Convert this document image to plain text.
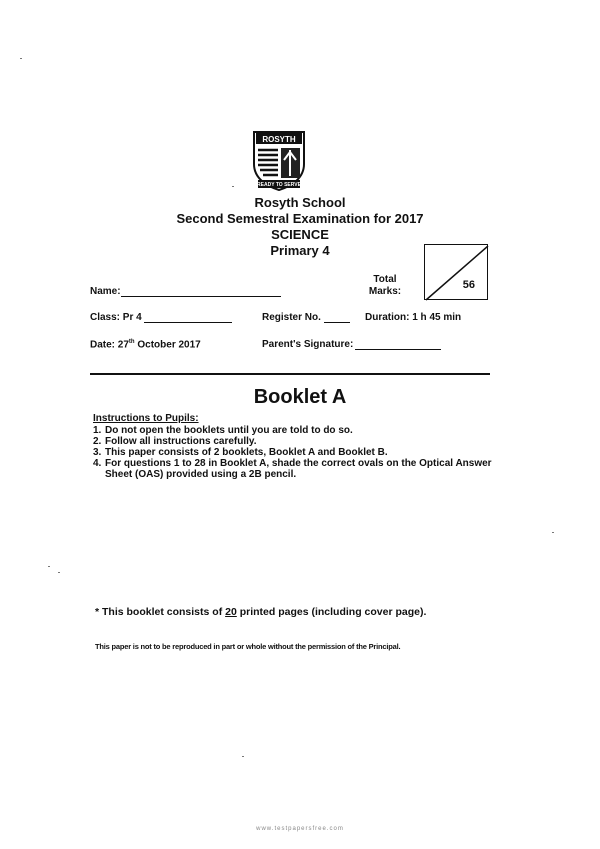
ROSYTH
READY TO SERVE
Rosyth School
Second Semestral Examination for 2017
SCIENCE
Primary 4
Total
Marks:
56
Name:
Class: Pr 4	Register No.	Duration: 1 h 45 min
Date: 27th October 2017	Parent's Signature:
Booklet A
Instructions to Pupils:
1. Do not open the booklets until you are told to do so.
2. Follow all instructions carefully.
3. This paper consists of 2 booklets, Booklet A and Booklet B.
4. For questions 1 to 28 in Booklet A, shade the correct ovals on the Optical Answer Sheet (OAS) provided using a 2B pencil.
* This booklet consists of 20 printed pages (including cover page).
This paper is not to be reproduced in part or whole without the permission of the Principal.
www.testpapersfree.com
